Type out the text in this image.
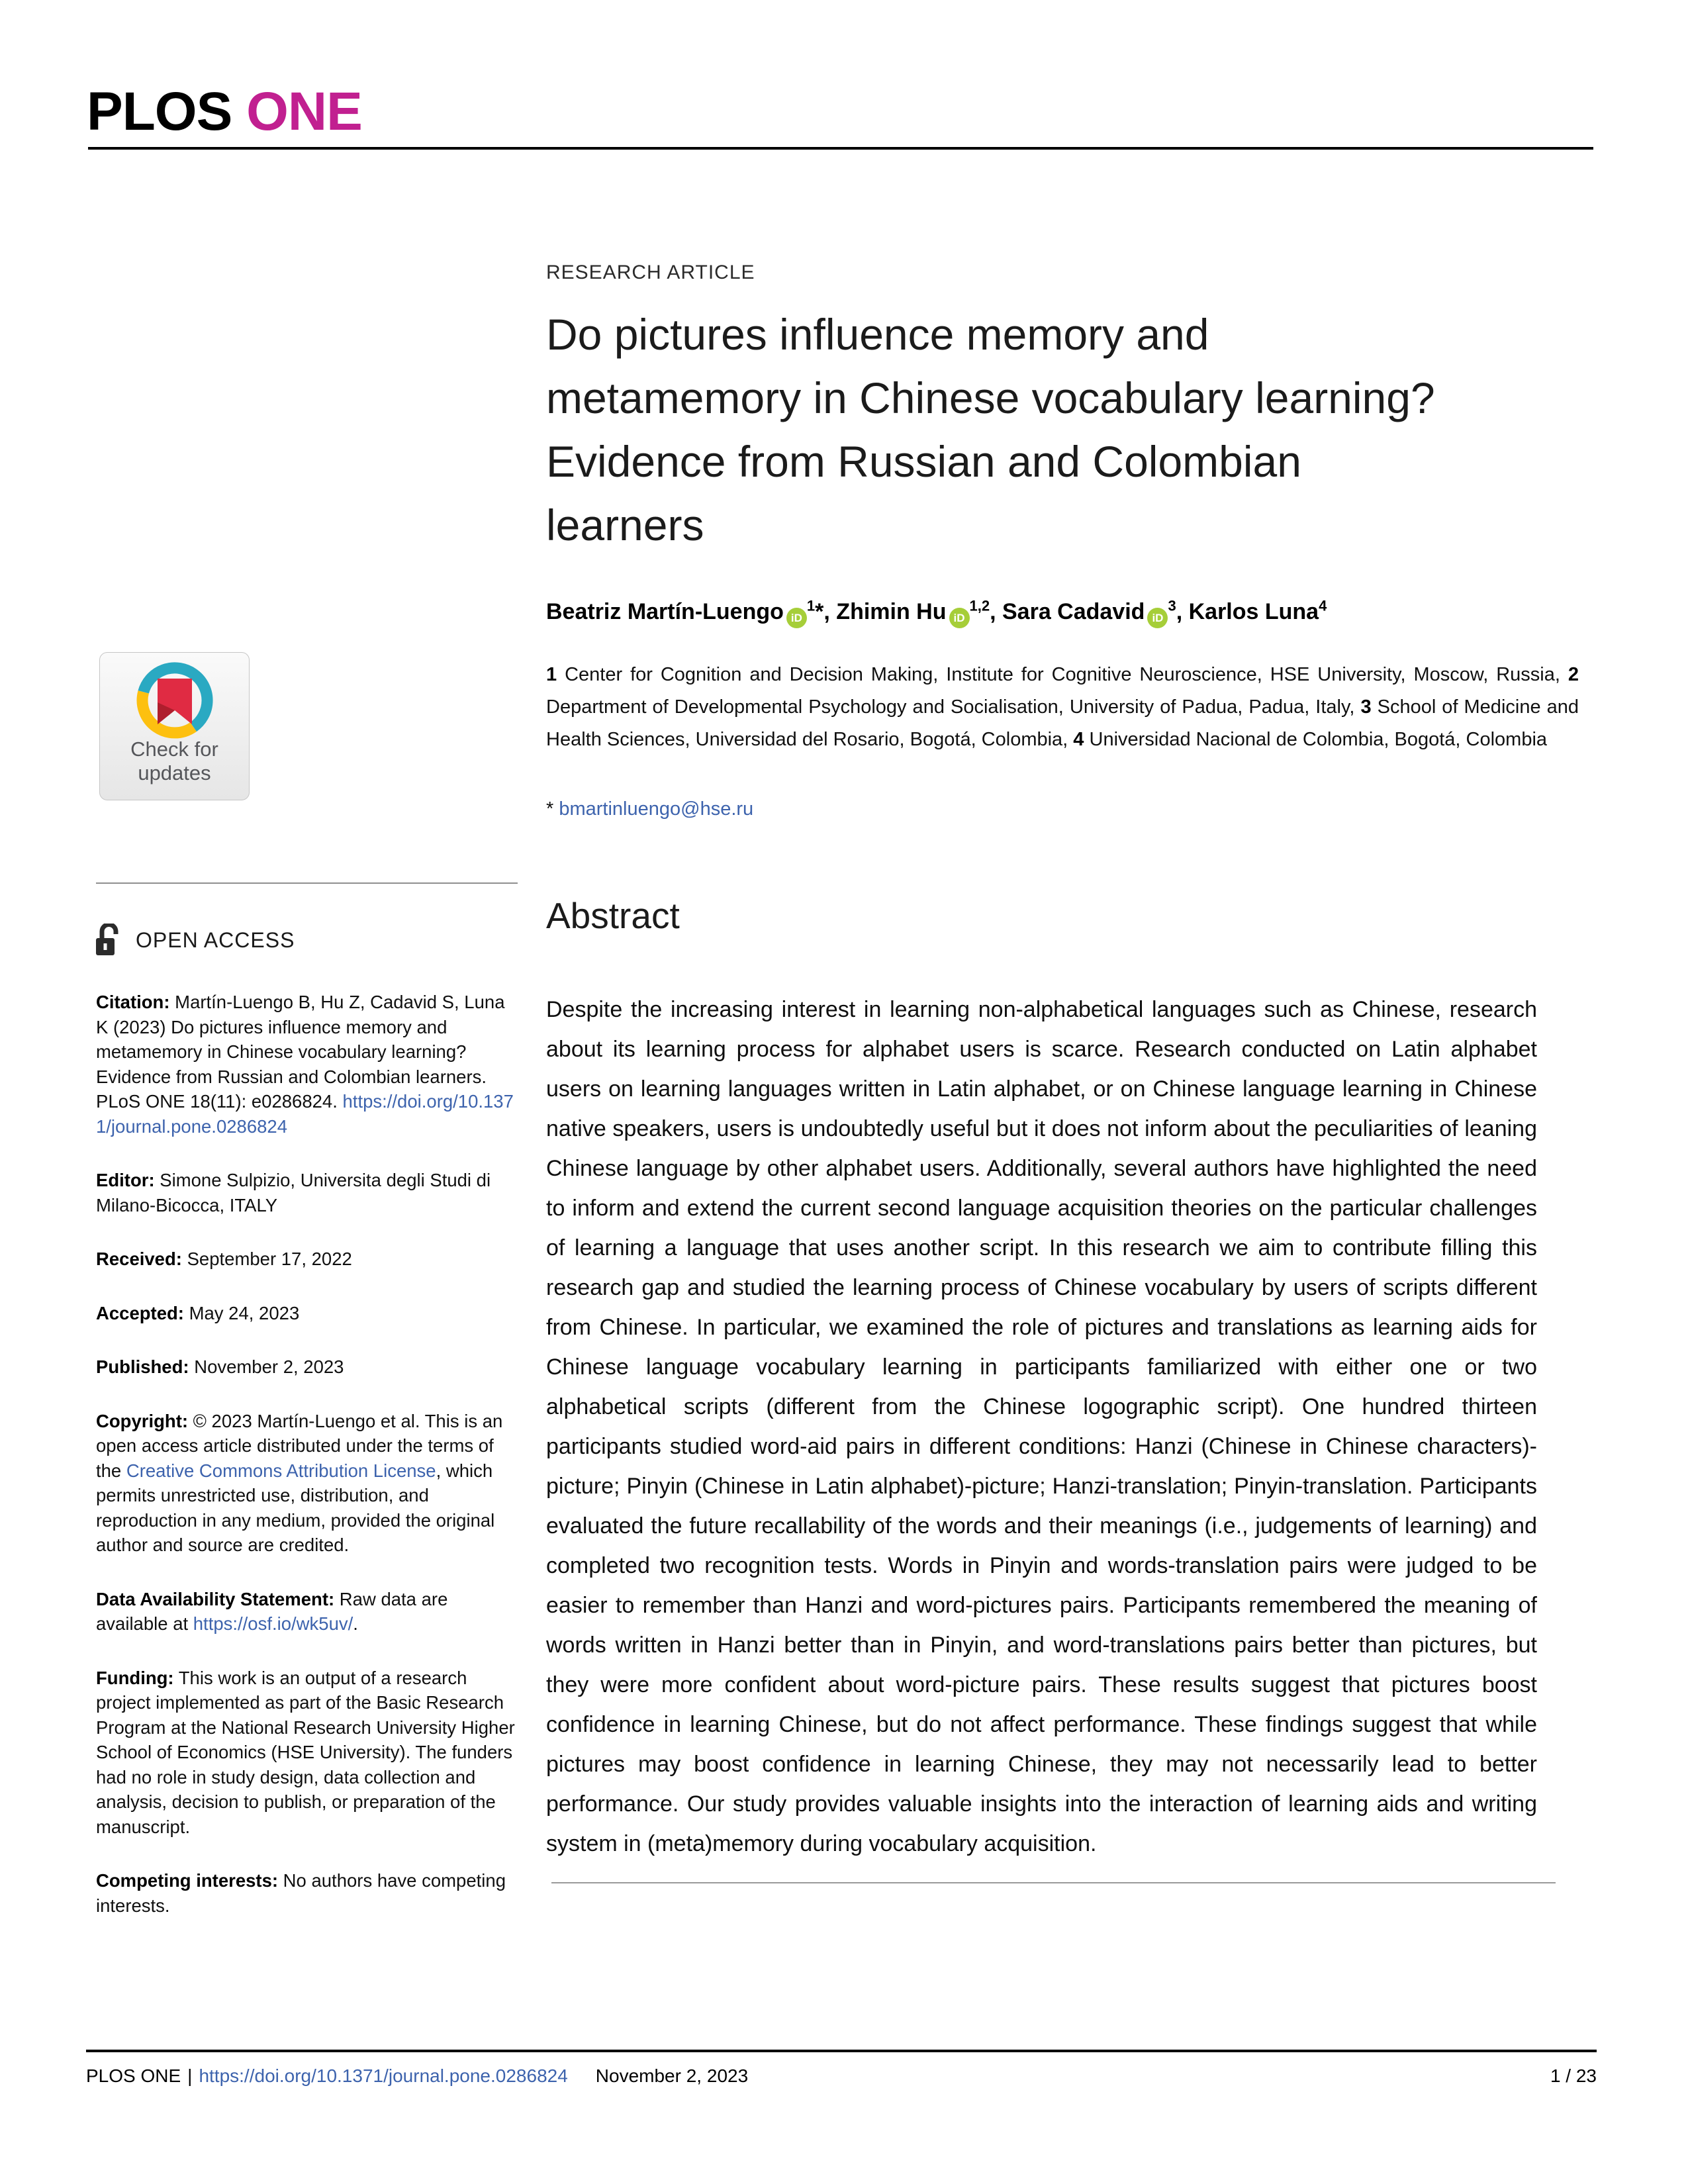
PLOS ONE
Check for
updates
OPEN ACCESS

Citation: Martín-Luengo B, Hu Z, Cadavid S, Luna K (2023) Do pictures influence memory and metamemory in Chinese vocabulary learning? Evidence from Russian and Colombian learners. PLoS ONE 18(11): e0286824. https://doi.org/10.1371/journal.pone.0286824

Editor: Simone Sulpizio, Universita degli Studi di Milano-Bicocca, ITALY

Received: September 17, 2022

Accepted: May 24, 2023

Published: November 2, 2023

Copyright: © 2023 Martín-Luengo et al. This is an open access article distributed under the terms of the Creative Commons Attribution License, which permits unrestricted use, distribution, and reproduction in any medium, provided the original author and source are credited.

Data Availability Statement: Raw data are available at https://osf.io/wk5uv/.

Funding: This work is an output of a research project implemented as part of the Basic Research Program at the National Research University Higher School of Economics (HSE University). The funders had no role in study design, data collection and analysis, decision to publish, or preparation of the manuscript.

Competing interests: No authors have competing interests.

RESEARCH ARTICLE
Do pictures influence memory and
metamemory in Chinese vocabulary learning?
Evidence from Russian and Colombian
learners
Beatriz Martín-Luengo $iD^1*$, Zhimin Hu iD$^{1,2}$, Sara Cadavid $iD^3$, Karlos Luna$^4$
1 Center for Cognition and Decision Making, Institute for Cognitive Neuroscience, HSE University, Moscow, Russia, 2 Department of Developmental Psychology and Socialisation, University of Padua, Padua, Italy, 3 School of Medicine and Health Sciences, Universidad del Rosario, Bogotá, Colombia, 4 Universidad Nacional de Colombia, Bogotá, Colombia
* bmartinluengo@hse.ru
Abstract

Despite the increasing interest in learning non-alphabetical languages such as Chinese, research about its learning process for alphabet users is scarce. Research conducted on Latin alphabet users on learning languages written in Latin alphabet, or on Chinese language learning in Chinese native speakers, users is undoubtedly useful but it does not inform about the peculiarities of leaning Chinese language by other alphabet users. Additionally, several authors have highlighted the need to inform and extend the current second language acquisition theories on the particular challenges of learning a language that uses another script. In this research we aim to contribute filling this research gap and studied the learning process of Chinese vocabulary by users of scripts different from Chinese. In particular, we examined the role of pictures and translations as learning aids for Chinese language vocabulary learning in participants familiarized with either one or two alphabetical scripts (different from the Chinese logographic script). One hundred thirteen participants studied word-aid pairs in different conditions: Hanzi (Chinese in Chinese characters)-picture; Pinyin (Chinese in Latin alphabet)-picture; Hanzi-translation; Pinyin-translation. Participants evaluated the future recallability of the words and their meanings (i.e., judgements of learning) and completed two recognition tests. Words in Pinyin and words-translation pairs were judged to be easier to remember than Hanzi and word-pictures pairs. Participants remembered the meaning of words written in Hanzi better than in Pinyin, and word-translations pairs better than pictures, but they were more confident about word-picture pairs. These results suggest that pictures boost confidence in learning Chinese, but do not affect performance. These findings suggest that while pictures may boost confidence in learning Chinese, they may not necessarily lead to better performance. Our study provides valuable insights into the interaction of learning aids and writing system in (meta)memory during vocabulary acquisition.

PLOS ONE | https://doi.org/10.1371/journal.pone.0286824 November 2, 2023	1 / 23
